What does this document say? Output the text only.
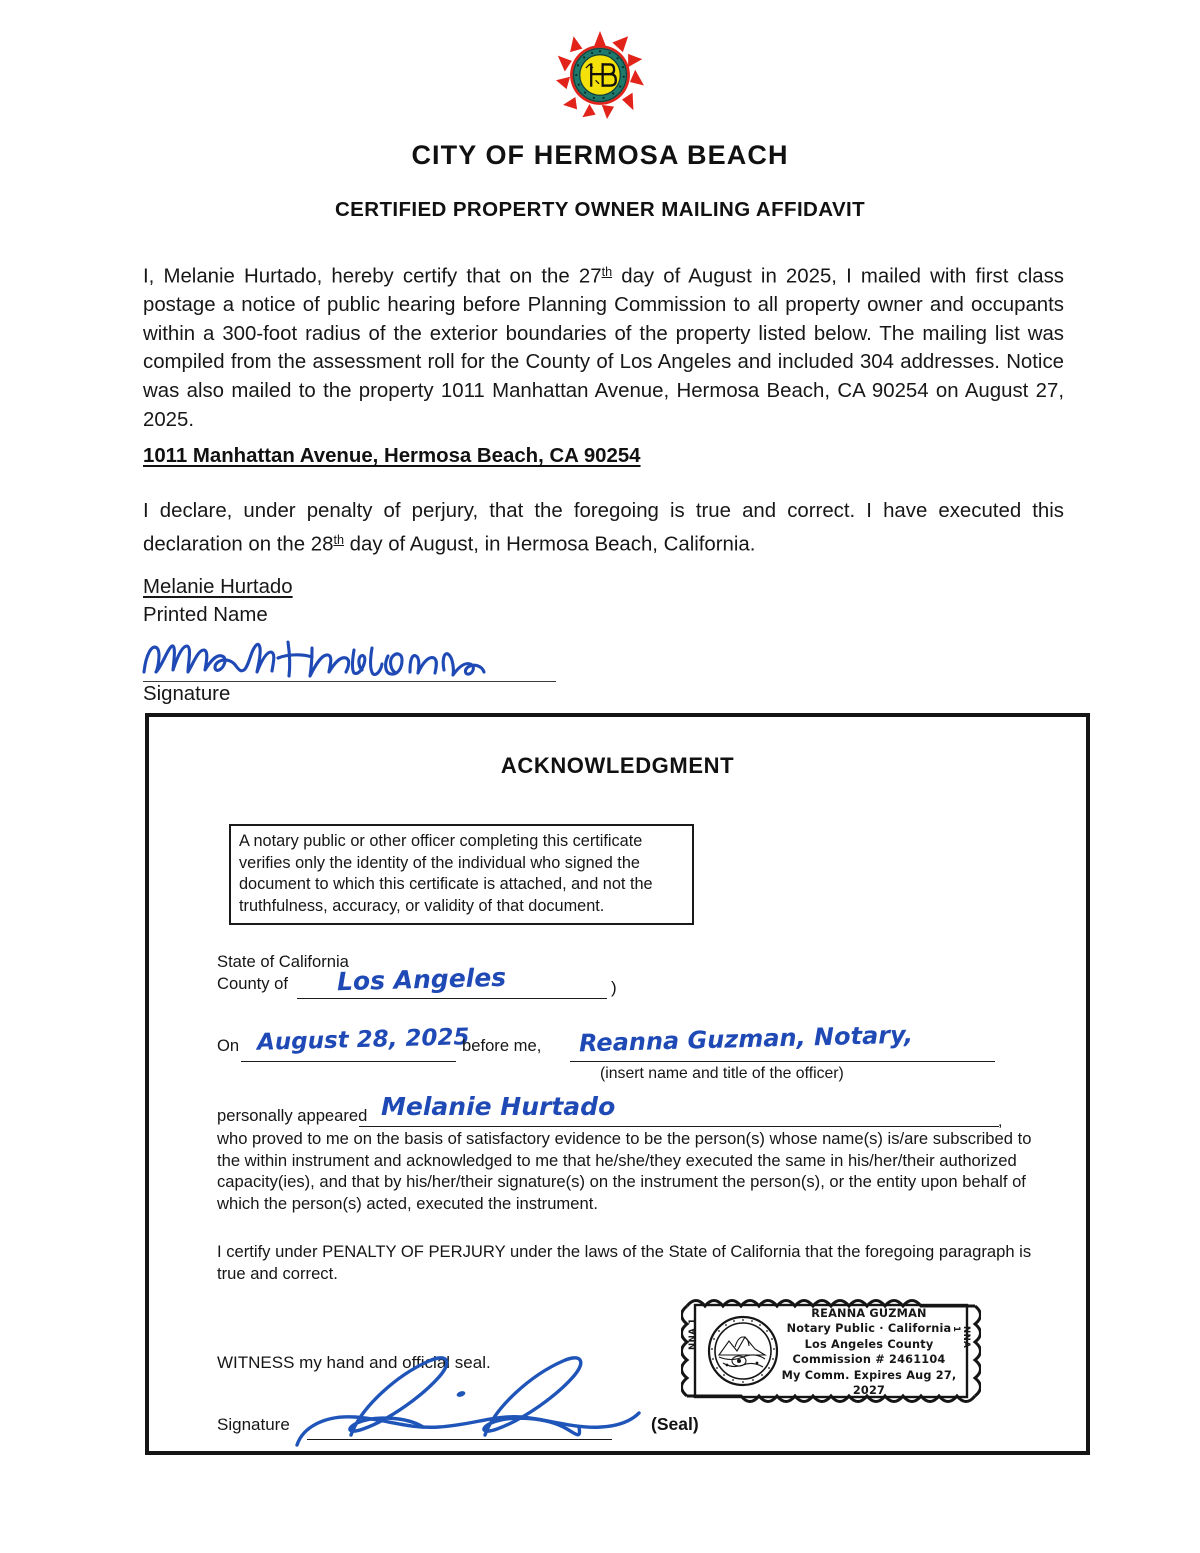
CITY OF HERMOSA BEACH
CERTIFIED PROPERTY OWNER MAILING AFFIDAVIT
I, Melanie Hurtado, hereby certify that on the 27th day of August in 2025, I mailed with first class postage a notice of public hearing before Planning Commission to all property owner and occupants within a 300-foot radius of the exterior boundaries of the property listed below. The mailing list was compiled from the assessment roll for the County of Los Angeles and included 304 addresses. Notice was also mailed to the property 1011 Manhattan Avenue, Hermosa Beach, CA 90254 on August 27, 2025.
1011 Manhattan Avenue, Hermosa Beach, CA 90254
I declare, under penalty of perjury, that the foregoing is true and correct. I have executed this declaration on the 28th day of August, in Hermosa Beach, California.
Melanie Hurtado
Printed Name
Signature
ACKNOWLEDGMENT
A notary public or other officer completing this certificate verifies only the identity of the individual who signed the document to which this certificate is attached, and not the truthfulness, accuracy, or validity of that document.
State of California
County of Los Angeles	)
On August 28, 2025
before me, Reanna Guzman, Notary,
(insert name and title of the officer)
personally appeared Melanie Hurtado
,
who proved to me on the basis of satisfactory evidence to be the person(s) whose name(s) is/are subscribed to the within instrument and acknowledged to me that he/she/they executed the same in his/her/their authorized capacity(ies), and that by his/her/their signature(s) on the instrument the person(s), or the entity upon behalf of which the person(s) acted, executed the instrument.
I certify under PENALTY OF PERJURY under the laws of the State of California that the foregoing paragraph is true and correct.
WITNESS my hand and official seal.
NNA 1	NNA 1
REANNA GUZMAN
Notary Public · California
Los Angeles County
Commission # 2461104
My Comm. Expires Aug 27, 2027
Signature	(Seal)
